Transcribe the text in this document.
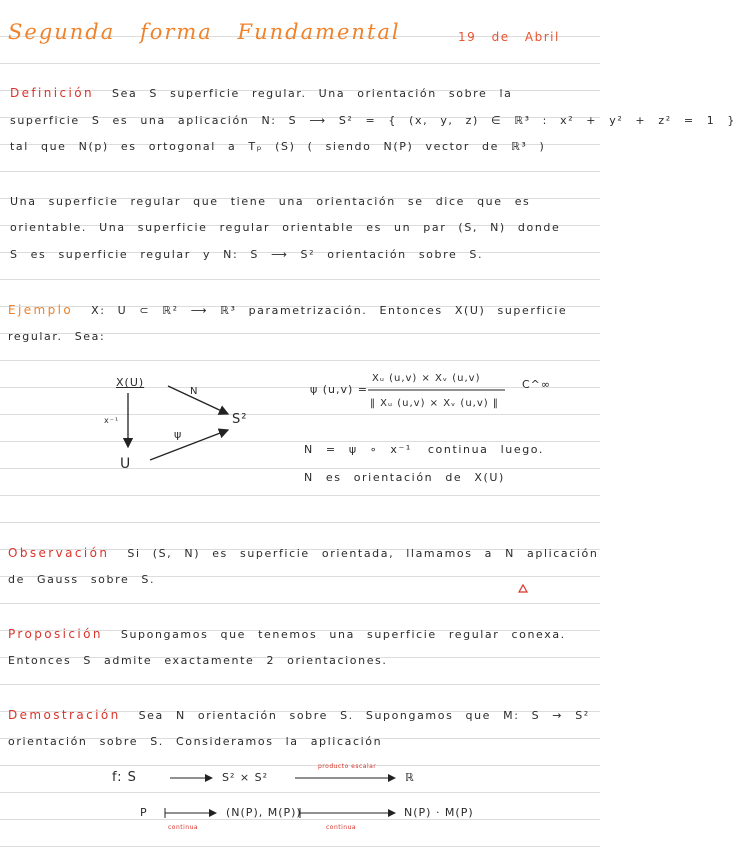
Segunda forma Fundamental	19 de Abril
Definición Sea S superficie regular. Una orientación sobre la
superficie S es una aplicación N: S ⟶ S² = { (x, y, z) ∈ ℝ³ : x² + y² + z² = 1 }
tal que N(p) es ortogonal a Tₚ (S) ( siendo N(P) vector de ℝ³ )
Una superficie regular que tiene una orientación se dice que es
orientable. Una superficie regular orientable es un par (S, N) donde
S es superficie regular y N: S ⟶ S² orientación sobre S.
Ejemplo X: U ⊂ ℝ² ⟶ ℝ³ parametrización. Entonces X(U) superficie
regular. Sea:
X(U)
U
S²
x⁻¹
N
ψ
ψ (u,v) =
Xᵤ (u,v) × Xᵥ (u,v)
‖ Xᵤ (u,v) × Xᵥ (u,v) ‖
C^∞
N = ψ ∘ x⁻¹ continua luego.
N es orientación de X(U)
Observación Si (S, N) es superficie orientada, llamamos a N aplicación
de Gauss sobre S.
Proposición Supongamos que tenemos una superficie regular conexa.
Entonces S admite exactamente 2 orientaciones.
Demostración Sea N orientación sobre S. Supongamos que M: S → S²
orientación sobre S. Consideramos la aplicación
f: S	S² × S²	ℝ
producto escalar
P	(N(P), M(P))	N(P) · M(P)
continua	continua
